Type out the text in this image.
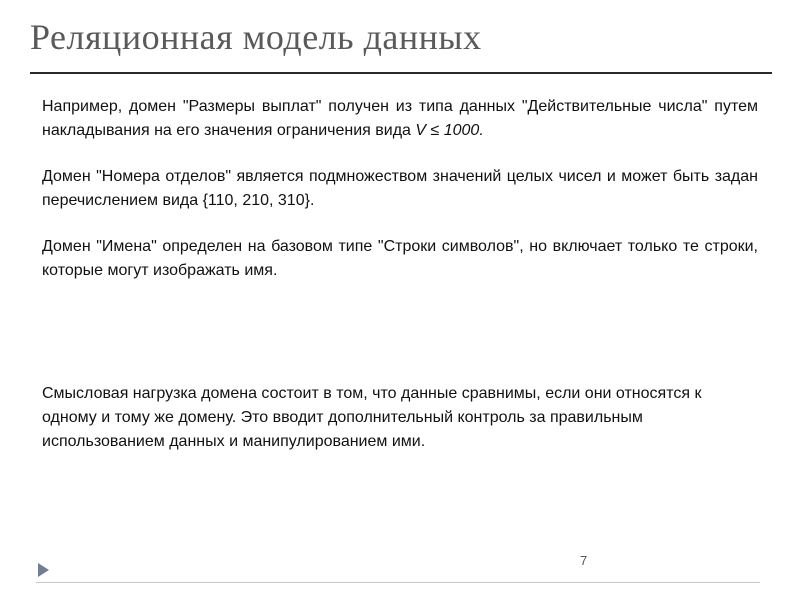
Реляционная модель данных

Например, домен "Размеры выплат" получен из типа данных "Действительные числа" путем накладывания на его значения ограничения вида V ≤ 1000.

Домен "Номера отделов" является подмножеством значений целых чисел и может быть задан перечислением вида {110, 210, 310}.

Домен "Имена" определен на базовом типе "Строки символов", но включает только те строки, которые могут изображать имя.

Смысловая нагрузка домена состоит в том, что данные сравнимы, если они относятся к одному и тому же домену. Это вводит дополнительный контроль за правильным использованием данных и манипулированием ими.

7
